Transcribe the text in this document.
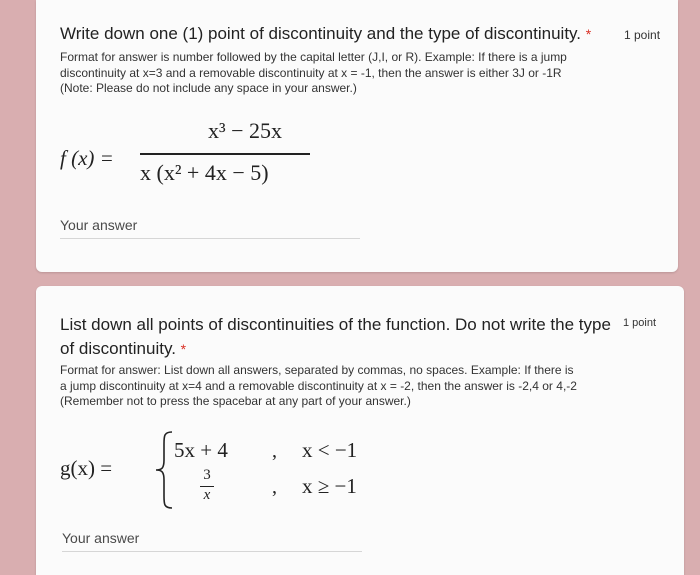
Write down one (1) point of discontinuity and the type of discontinuity. *	1 point
Format for answer is number followed by the capital letter (J,I, or R). Example: If there is a jump
discontinuity at x=3 and a removable discontinuity at x = -1, then the answer is either 3J or -1R
(Note: Please do not include any space in your answer.)
f (x) =
x³ − 25x
x (x² + 4x − 5)
Your answer
List down all points of discontinuities of the function. Do not write the type
of discontinuity. *
1 point
Format for answer: List down all answers, separated by commas, no spaces. Example: If there is
a jump discontinuity at x=4 and a removable discontinuity at x = -2, then the answer is -2,4 or 4,-2
(Remember not to press the spacebar at any part of your answer.)
g(x) =
5x + 4 , x < −1
3
x	, x ≥ −1
Your answer
